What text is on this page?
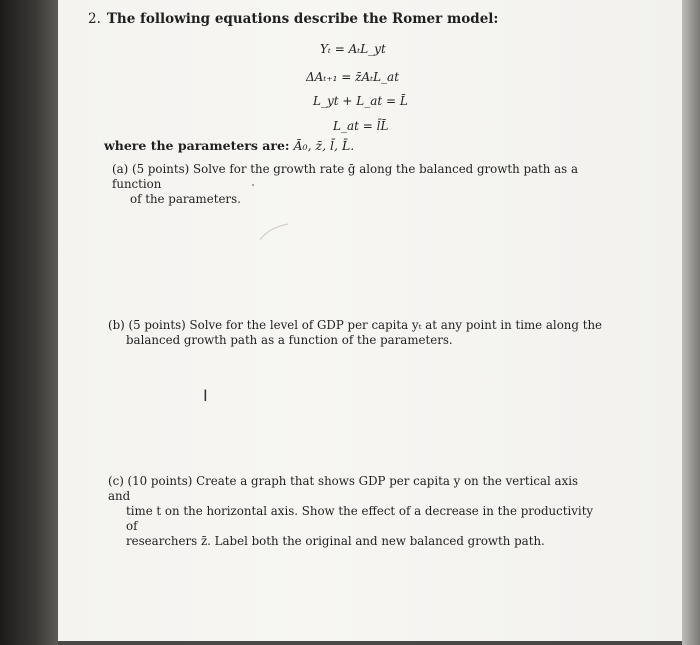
2. The following equations describe the Romer model:
Yₜ = AₜL_yt
ΔAₜ₊₁ = z̄AₜL_at
L_yt + L_at = L̄
L_at = l̄L̄
where the parameters are: Ā₀, z̄, l̄, L̄.
(a) (5 points) Solve for the growth rate ḡ along the balanced growth path as a function
of the parameters.
(b) (5 points) Solve for the level of GDP per capita yₜ at any point in time along the
balanced growth path as a function of the parameters.
I
(c) (10 points) Create a graph that shows GDP per capita y on the vertical axis and
time t on the horizontal axis. Show the effect of a decrease in the productivity of
researchers z̄. Label both the original and new balanced growth path.
